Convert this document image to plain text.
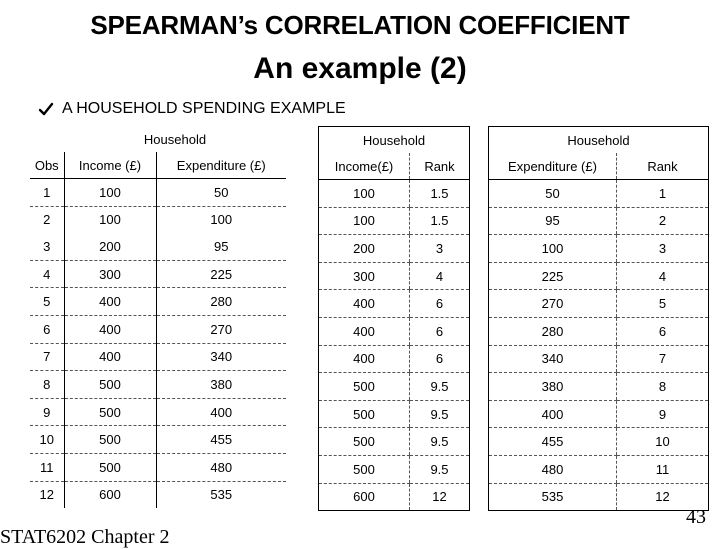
SPEARMAN’s CORRELATION COEFFICIENT
An example (2)
A HOUSEHOLD SPENDING EXAMPLE
	Household	
Obs	Income (£)	Expenditure (£)
1	100	50
2	100	100
3	200	95
4	300	225
5	400	280
6	400	270
7	400	340
8	500	380
9	500	400
10	500	455
11	500	480
12	600	535
Household	
Income(£)	Rank
100	1.5
100	1.5
200	3
300	4
400	6
400	6
400	6
500	9.5
500	9.5
500	9.5
500	9.5
600	12
Household	
Expenditure (£)	Rank
50	1
95	2
100	3
225	4
270	5
280	6
340	7
380	8
400	9
455	10
480	11
535	12
STAT6202 Chapter 2
43
